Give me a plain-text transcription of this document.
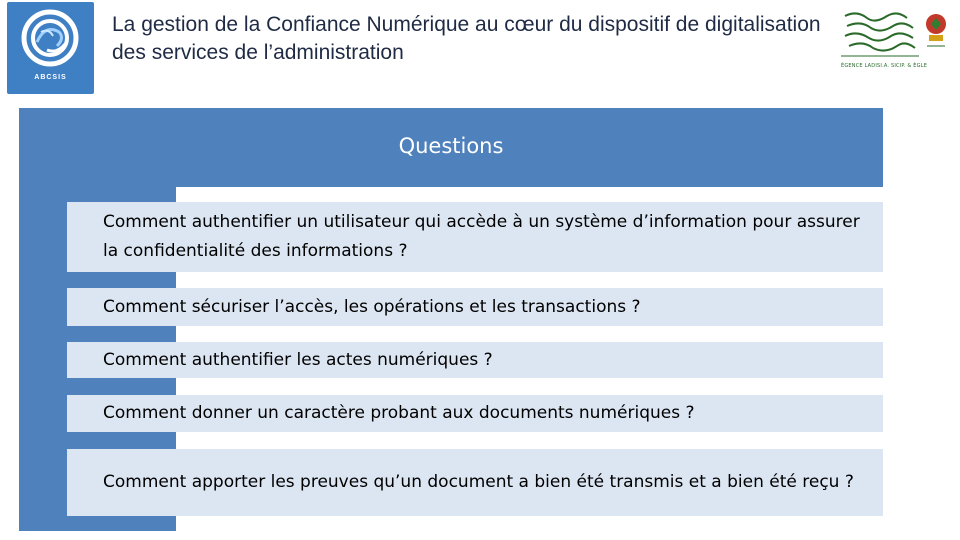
ABCSIS
La gestion de la Confiance Numérique au cœur du dispositif de digitalisation des services de l’administration
ÉGENCE LADISI.A. SICIP. & ÈGLE
Questions
Comment authentifier un utilisateur qui accède à un système d’information pour assurer la confidentialité des informations ?
Comment sécuriser l’accès, les opérations et les transactions ?
Comment authentifier les actes numériques ?
Comment donner un caractère probant aux documents numériques ?
Comment apporter les preuves qu’un document a bien été transmis et a bien été reçu ?
